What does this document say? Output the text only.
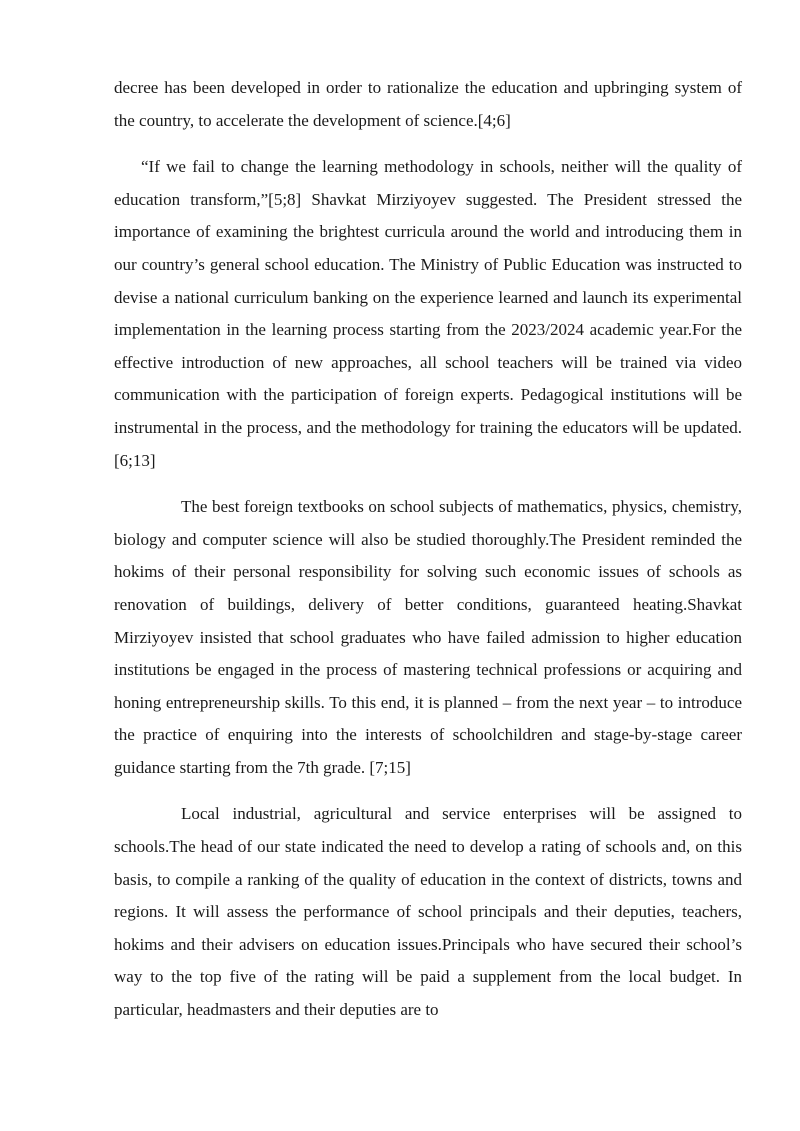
decree has been developed in order to rationalize the education and upbringing system of the country, to accelerate the development of science.[4;6]

“If we fail to change the learning methodology in schools, neither will the quality of education transform,”[5;8] Shavkat Mirziyoyev suggested. The President stressed the importance of examining the brightest curricula around the world and introducing them in our country’s general school education. The Ministry of Public Education was instructed to devise a national curriculum banking on the experience learned and launch its experimental implementation in the learning process starting from the 2023/2024 academic year.For the effective introduction of new approaches, all school teachers will be trained via video communication with the participation of foreign experts. Pedagogical institutions will be instrumental in the process, and the methodology for training the educators will be updated.[6;13]

The best foreign textbooks on school subjects of mathematics, physics, chemistry, biology and computer science will also be studied thoroughly.The President reminded the hokims of their personal responsibility for solving such economic issues of schools as renovation of buildings, delivery of better conditions, guaranteed heating.Shavkat Mirziyoyev insisted that school graduates who have failed admission to higher education institutions be engaged in the process of mastering technical professions or acquiring and honing entrepreneurship skills. To this end, it is planned – from the next year – to introduce the practice of enquiring into the interests of schoolchildren and stage-by-stage career guidance starting from the 7th grade. [7;15]

Local industrial, agricultural and service enterprises will be assigned to schools.The head of our state indicated the need to develop a rating of schools and, on this basis, to compile a ranking of the quality of education in the context of districts, towns and regions. It will assess the performance of school principals and their deputies, teachers, hokims and their advisers on education issues.Principals who have secured their school’s way to the top five of the rating will be paid a supplement from the local budget. In particular, headmasters and their deputies are to
